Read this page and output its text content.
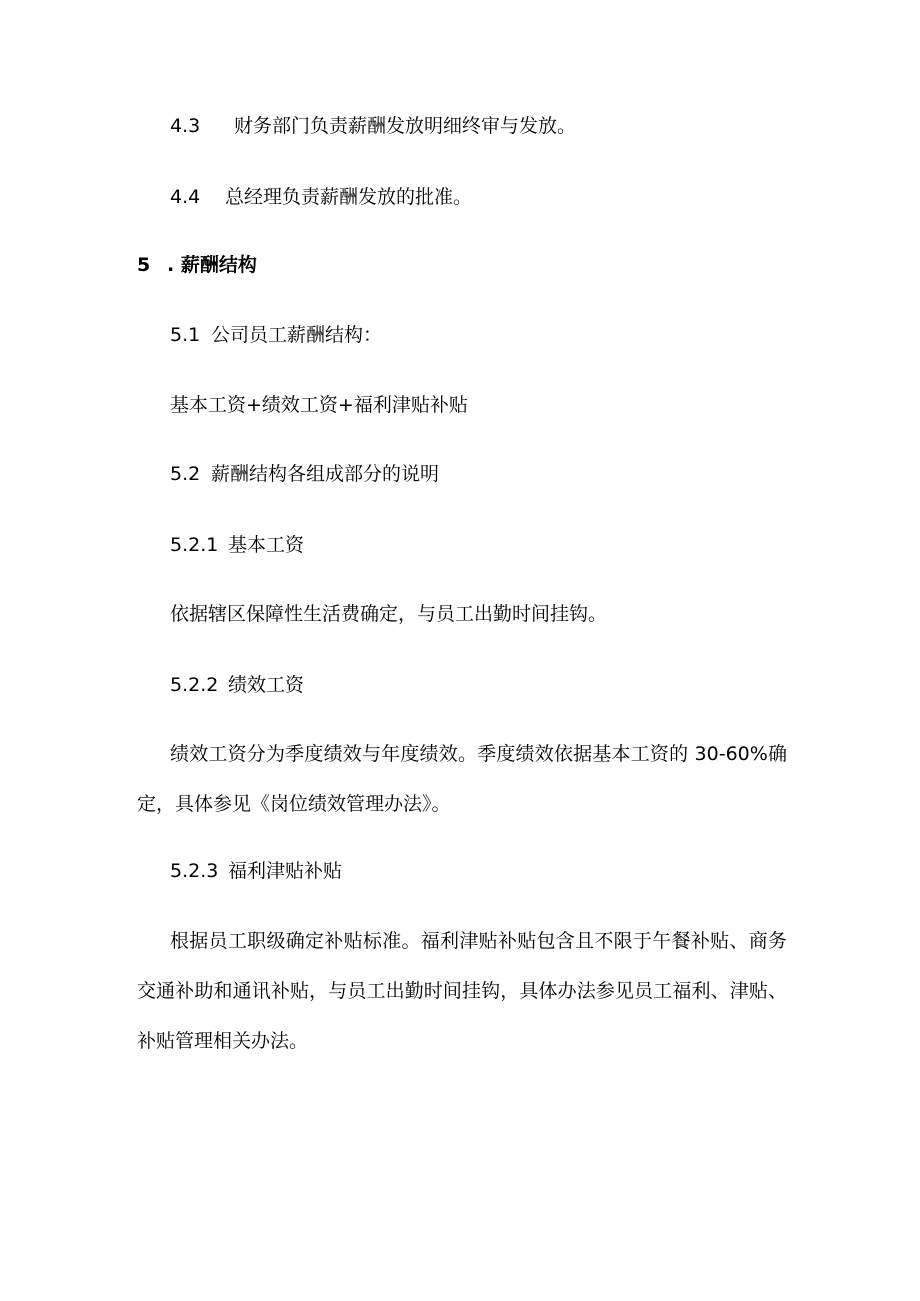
4.3 财务部门负责薪酬发放明细终审与发放。
4.4 总经理负责薪酬发放的批准。
5 . 薪酬结构
5.1 公司员工薪酬结构：
基本工资+绩效工资+福利津贴补贴
5.2 薪酬结构各组成部分的说明
5.2.1 基本工资
依据辖区保障性生活费确定，与员工出勤时间挂钩。
5.2.2 绩效工资
绩效工资分为季度绩效与年度绩效。季度绩效依据基本工资的 30-60%确定，具体参见《岗位绩效管理办法》。
5.2.3 福利津贴补贴
根据员工职级确定补贴标准。福利津贴补贴包含且不限于午餐补贴、商务交通补助和通讯补贴，与员工出勤时间挂钩，具体办法参见员工福利、津贴、补贴管理相关办法。
